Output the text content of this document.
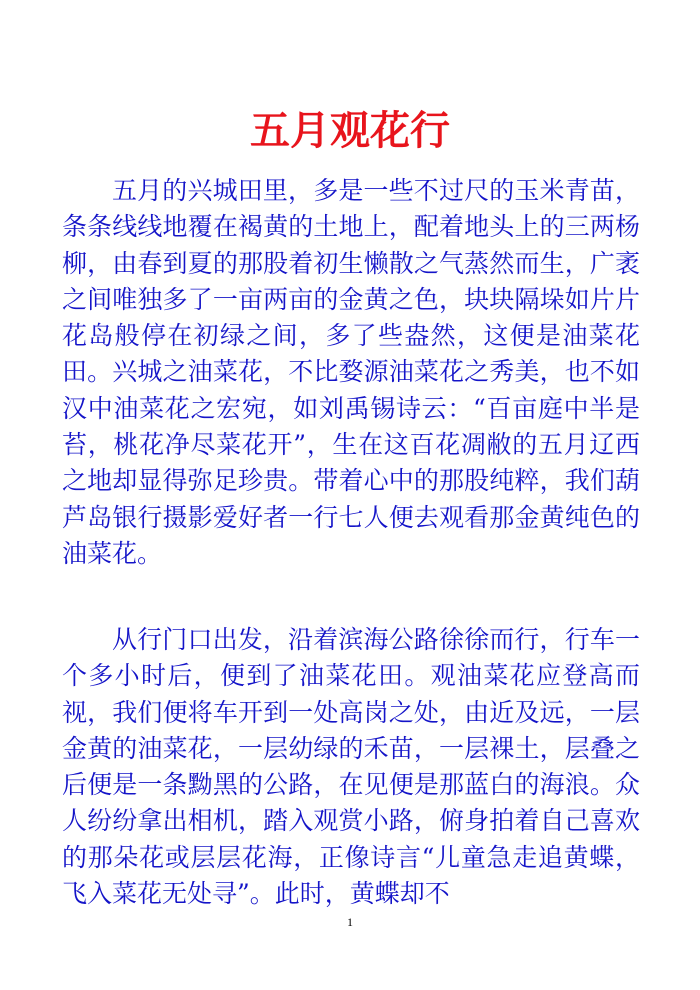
五月观花行

五月的兴城田里，多是一些不过尺的玉米青苗，条条线线地覆在褐黄的土地上，配着地头上的三两杨柳，由春到夏的那股着初生懒散之气蒸然而生，广袤之间唯独多了一亩两亩的金黄之色，块块隔垛如片片花岛般停在初绿之间，多了些盎然，这便是油菜花田。兴城之油菜花，不比婺源油菜花之秀美，也不如汉中油菜花之宏宛，如刘禹锡诗云：“百亩庭中半是苔，桃花净尽菜花开”，生在这百花凋敝的五月辽西之地却显得弥足珍贵。带着心中的那股纯粹，我们葫芦岛银行摄影爱好者一行七人便去观看那金黄纯色的油菜花。

从行门口出发，沿着滨海公路徐徐而行，行车一个多小时后，便到了油菜花田。观油菜花应登高而视，我们便将车开到一处高岗之处，由近及远，一层金黄的油菜花，一层幼绿的禾苗，一层裸土，层叠之后便是一条黝黑的公路，在见便是那蓝白的海浪。众人纷纷拿出相机，踏入观赏小路，俯身拍着自己喜欢的那朵花或层层花海，正像诗言“儿童急走追黄蝶，飞入菜花无处寻”。此时，黄蝶却不

1
